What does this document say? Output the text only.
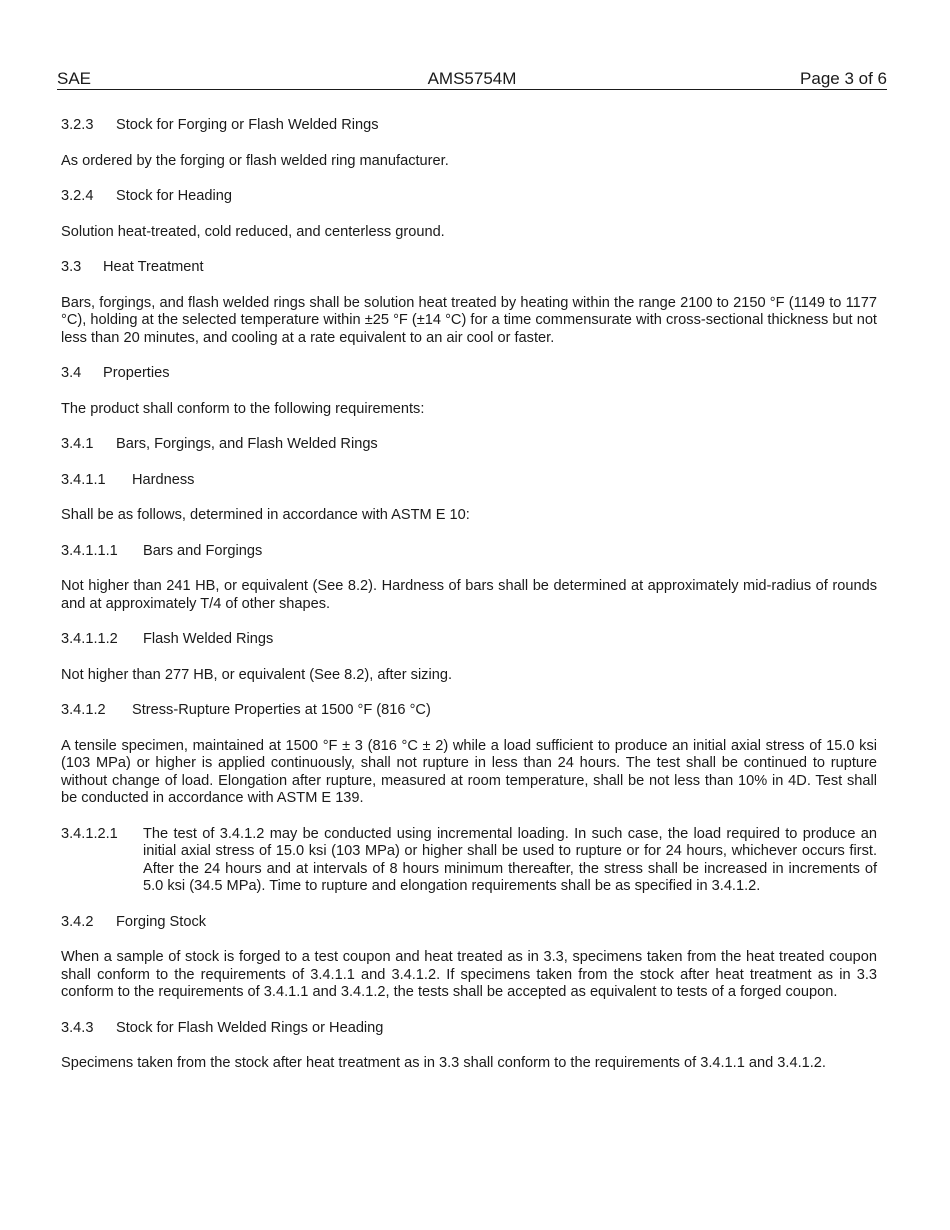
SAE	AMS5754M	Page 3 of 6
3.2.3 Stock for Forging or Flash Welded Rings

As ordered by the forging or flash welded ring manufacturer.

3.2.4 Stock for Heading

Solution heat-treated, cold reduced, and centerless ground.

3.3 Heat Treatment

Bars, forgings, and flash welded rings shall be solution heat treated by heating within the range 2100 to 2150 °F (1149 to 1177 °C), holding at the selected temperature within ±25 °F (±14 °C) for a time commensurate with cross-sectional thickness but not less than 20 minutes, and cooling at a rate equivalent to an air cool or faster.

3.4 Properties

The product shall conform to the following requirements:

3.4.1 Bars, Forgings, and Flash Welded Rings
3.4.1.1 Hardness

Shall be as follows, determined in accordance with ASTM E 10:

3.4.1.1.1 Bars and Forgings

Not higher than 241 HB, or equivalent (See 8.2). Hardness of bars shall be determined at approximately mid-radius of rounds and at approximately T/4 of other shapes.

3.4.1.1.2 Flash Welded Rings

Not higher than 277 HB, or equivalent (See 8.2), after sizing.

3.4.1.2 Stress-Rupture Properties at 1500 °F (816 °C)

A tensile specimen, maintained at 1500 °F ± 3 (816 °C ± 2) while a load sufficient to produce an initial axial stress of 15.0 ksi (103 MPa) or higher is applied continuously, shall not rupture in less than 24 hours. The test shall be continued to rupture without change of load. Elongation after rupture, measured at room temperature, shall be not less than 10% in 4D. Test shall be conducted in accordance with ASTM E 139.

3.4.1.2.1 The test of 3.4.1.2 may be conducted using incremental loading. In such case, the load required to produce an initial axial stress of 15.0 ksi (103 MPa) or higher shall be used to rupture or for 24 hours, whichever occurs first. After the 24 hours and at intervals of 8 hours minimum thereafter, the stress shall be increased in increments of 5.0 ksi (34.5 MPa). Time to rupture and elongation requirements shall be as specified in 3.4.1.2.
3.4.2 Forging Stock

When a sample of stock is forged to a test coupon and heat treated as in 3.3, specimens taken from the heat treated coupon shall conform to the requirements of 3.4.1.1 and 3.4.1.2. If specimens taken from the stock after heat treatment as in 3.3 conform to the requirements of 3.4.1.1 and 3.4.1.2, the tests shall be accepted as equivalent to tests of a forged coupon.

3.4.3 Stock for Flash Welded Rings or Heading

Specimens taken from the stock after heat treatment as in 3.3 shall conform to the requirements of 3.4.1.1 and 3.4.1.2.
